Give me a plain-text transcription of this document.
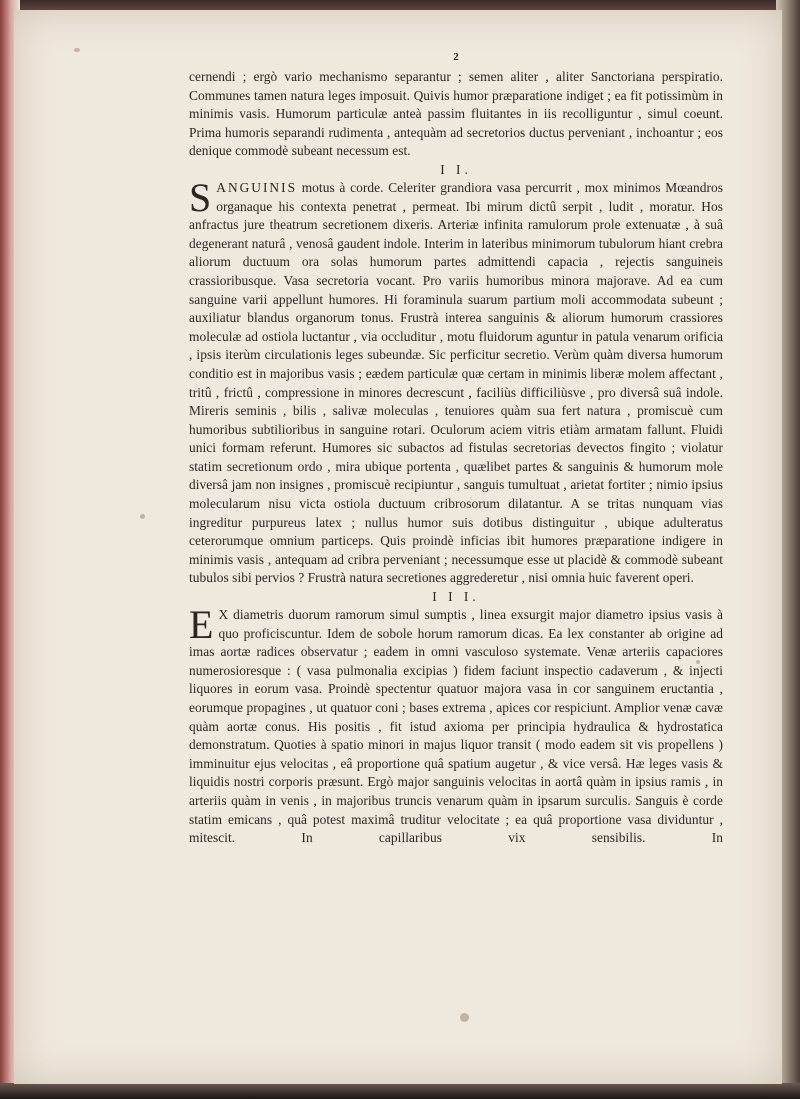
2

cernendi ; ergò vario mechanismo separantur ; semen aliter , aliter Sanctoriana perspiratio. Communes tamen natura leges imposuit. Quivis humor præparatione indiget ; ea fit potissimùm in minimis vasis. Humorum particulæ anteà passim fluitantes in iis recolliguntur , simul coeunt. Prima humoris separandi rudimenta , antequàm ad secretorios ductus perveniant , inchoantur ; eos denique commodè subeant necessum est.

I I.

SANGUINIS motus à corde. Celeriter grandiora vasa percurrit , mox minimos Mœandros organaque his contexta penetrat , permeat. Ibi mirum dictû serpit , ludit , moratur. Hos anfractus jure theatrum secretionem dixeris. Arteriæ infinita ramulorum prole extenuatæ , à suâ degenerant naturâ , venosâ gaudent indole. Interim in lateribus minimorum tubulorum hiant crebra aliorum ductuum ora solas humorum partes admittendi capacia , rejectis sanguineis crassioribusque. Vasa secretoria vocant. Pro variis humoribus minora majorave. Ad ea cum sanguine varii appellunt humores. Hi foraminula suarum partium moli accommodata subeunt ; auxiliatur blandus organorum tonus. Frustrà interea sanguinis & aliorum humorum crassiores moleculæ ad ostiola luctantur , via occluditur , motu fluidorum aguntur in patula venarum orificia , ipsis iterùm circulationis leges subeundæ. Sic perficitur secretio. Verùm quàm diversa humorum conditio est in majoribus vasis ; eædem particulæ quæ certam in minimis liberæ molem affectant , tritû , frictû , compressione in minores decrescunt , faciliùs difficiliùsve , pro diversâ suâ indole. Mireris seminis , bilis , salivæ moleculas , tenuiores quàm sua fert natura , promiscuè cum humoribus subtilioribus in sanguine rotari. Oculorum aciem vitris etiàm armatam fallunt. Fluidi unici formam referunt. Humores sic subactos ad fistulas secretorias devectos fingito ; violatur statim secretionum ordo , mira ubique portenta , quælibet partes & sanguinis & humorum mole diversâ jam non insignes , promiscuè recipiuntur , sanguis tumultuat , arietat fortiter ; nimio ipsius molecularum nisu victa ostiola ductuum cribrosorum dilatantur. A se tritas nunquam vias ingreditur purpureus latex ; nullus humor suis dotibus distinguitur , ubique adulteratus ceterorumque omnium particeps. Quis proindè inficias ibit humores præparatione indigere in minimis vasis , antequam ad cribra perveniant ; necessumque esse ut placidè & commodè subeant tubulos sibi pervios ? Frustrà natura secretiones aggrederetur , nisi omnia huic faverent operi.

I I I.

E X diametris duorum ramorum simul sumptis , linea exsurgit major diametro ipsius vasis à quo proficiscuntur. Idem de sobole horum ramorum dicas. Ea lex constanter ab origine ad imas aortæ radices observatur ; eadem in omni vasculoso systemate. Venæ arteriis capaciores numerosioresque : ( vasa pulmonalia excipias ) fidem faciunt inspectio cadaverum , & injecti liquores in eorum vasa. Proindè spectentur quatuor majora vasa in cor sanguinem eructantia , eorumque propagines , ut quatuor coni ; bases extrema , apices cor respiciunt. Amplior venæ cavæ quàm aortæ conus. His positis , fit istud axioma per principia hydraulica & hydrostatica demonstratum. Quoties à spatio minori in majus liquor transit ( modo eadem sit vis propellens ) imminuitur ejus velocitas , eâ proportione quâ spatium augetur , & vice versâ. Hæ leges vasis & liquidis nostri corporis præsunt. Ergò major sanguinis velocitas in aortâ quàm in ipsius ramis , in arteriis quàm in venis , in majoribus truncis venarum quàm in ipsarum surculis. Sanguis è corde statim emicans , quâ potest maximâ truditur velocitate ; ea quâ proportione vasa dividuntur , mitescit. In capillaribus vix sensibilis. In
